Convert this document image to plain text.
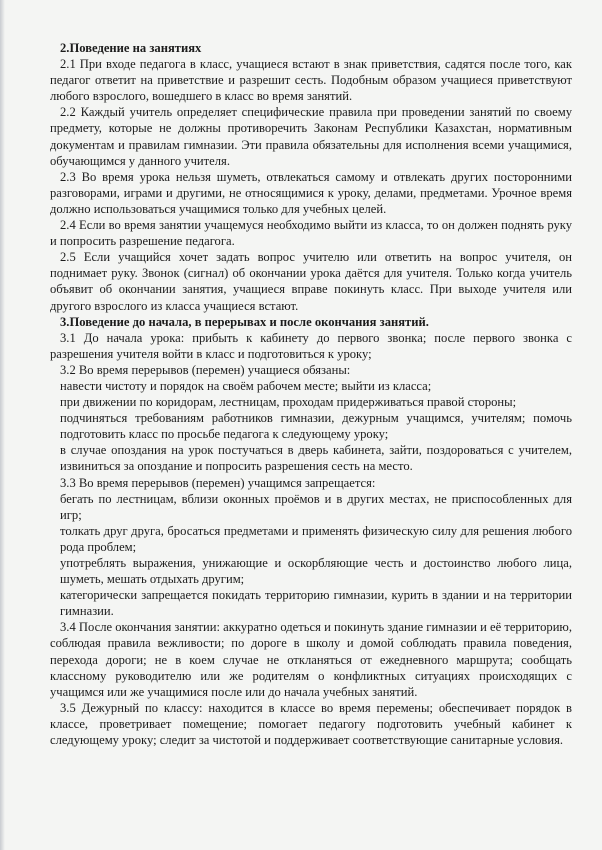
2.Поведение на занятиях

2.1 При входе педагога в класс, учащиеся встают в знак приветствия, садятся после того, как педагог ответит на приветствие и разрешит сесть. Подобным образом учащиеся приветствуют любого взрослого, вошедшего в класс во время занятий.

2.2 Каждый учитель определяет специфические правила при проведении занятий по своему предмету, которые не должны противоречить Законам Республики Казахстан, нормативным документам и правилам гимназии. Эти правила обязательны для исполнения всеми учащимися, обучающимся у данного учителя.

2.3 Во время урока нельзя шуметь, отвлекаться самому и отвлекать других посторонними разговорами, играми и другими, не относящимися к уроку, делами, предметами. Урочное время должно использоваться учащимися только для учебных целей.

2.4 Если во время занятии учащемуся необходимо выйти из класса, то он должен поднять руку и попросить разрешение педагога.

2.5 Если учащийся хочет задать вопрос учителю или ответить на вопрос учителя, он поднимает руку. Звонок (сигнал) об окончании урока даётся для учителя. Только когда учитель объявит об окончании занятия, учащиеся вправе покинуть класс. При выходе учителя или другого взрослого из класса учащиеся встают.

3.Поведение до начала, в перерывах и после окончания занятий.

3.1 До начала урока: прибыть к кабинету до первого звонка; после первого звонка с разрешения учителя войти в класс и подготовиться к уроку;

3.2 Во время перерывов (перемен) учащиеся обязаны:

навести чистоту и порядок на своём рабочем месте; выйти из класса;

при движении по коридорам, лестницам, проходам придерживаться правой стороны;

подчиняться требованиям работников гимназии, дежурным учащимся, учителям; помочь подготовить класс по просьбе педагога к следующему уроку;

в случае опоздания на урок постучаться в дверь кабинета, зайти, поздороваться с учителем, извиниться за опоздание и попросить разрешения сесть на место.

3.3 Во время перерывов (перемен) учащимся запрещается:

бегать по лестницам, вблизи оконных проёмов и в других местах, не приспособленных для игр;

толкать друг друга, бросаться предметами и применять физическую силу для решения любого рода проблем;

употреблять выражения, унижающие и оскорбляющие честь и достоинство любого лица, шуметь, мешать отдыхать другим;

категорически запрещается покидать территорию гимназии, курить в здании и на территории гимназии.

3.4 После окончания занятии: аккуратно одеться и покинуть здание гимназии и её территорию, соблюдая правила вежливости; по дороге в школу и домой соблюдать правила поведения, перехода дороги; не в коем случае не откланяться от ежедневного маршрута; сообщать классному руководителю или же родителям о конфликтных ситуациях происходящих с учащимся или же учащимися после или до начала учебных занятий.

3.5 Дежурный по классу: находится в классе во время перемены; обеспечивает порядок в классе, проветривает помещение; помогает педагогу подготовить учебный кабинет к следующему уроку; следит за чистотой и поддерживает соответствующие санитарные условия.
